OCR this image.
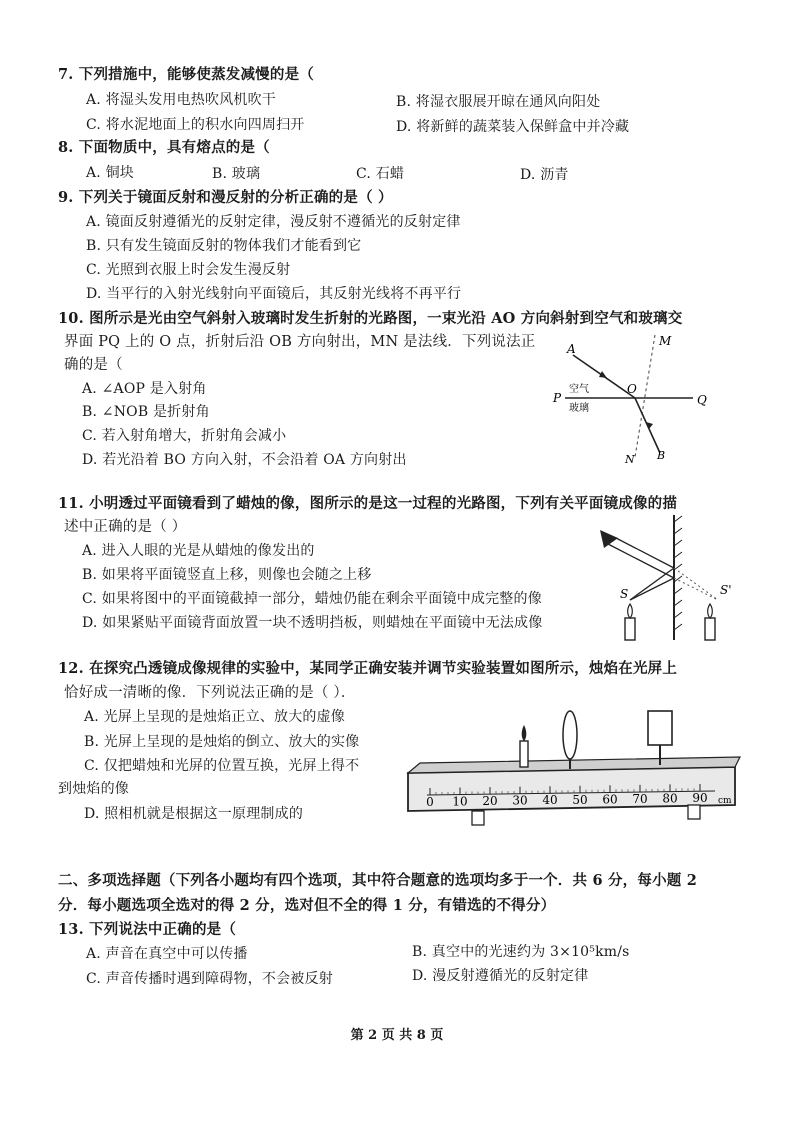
7. 下列措施中，能够使蒸发减慢的是（
A. 将湿头发用电热吹风机吹干	B. 将湿衣服展开晾在通风向阳处
C. 将水泥地面上的积水向四周扫开	D. 将新鲜的蔬菜装入保鲜盒中并冷藏
8. 下面物质中，具有熔点的是（
A. 铜块	B. 玻璃	C. 石蜡	D. 沥青
9. 下列关于镜面反射和漫反射的分析正确的是（ ）
A. 镜面反射遵循光的反射定律，漫反射不遵循光的反射定律
B. 只有发生镜面反射的物体我们才能看到它
C. 光照到衣服上时会发生漫反射
D. 当平行的入射光线射向平面镜后，其反射光线将不再平行
10. 图所示是光由空气斜射入玻璃时发生折射的光路图，一束光沿 AO 方向斜射到空气和玻璃交
界面 PQ 上的 O 点，折射后沿 OB 方向射出，MN 是法线．下列说法正
确的是（
A. ∠AOP 是入射角
B. ∠NOB 是折射角
C. 若入射角增大，折射角会减小
D. 若光沿着 BO 方向入射，不会沿着 OA 方向射出
A
M
P	Q
O
N B
空气
玻璃
11. 小明透过平面镜看到了蜡烛的像，图所示的是这一过程的光路图，下列有关平面镜成像的描
述中正确的是（ ）
A. 进入人眼的光是从蜡烛的像发出的
B. 如果将平面镜竖直上移，则像也会随之上移
C. 如果将图中的平面镜截掉一部分，蜡烛仍能在剩余平面镜中成完整的像
D. 如果紧贴平面镜背面放置一块不透明挡板，则蜡烛在平面镜中无法成像
S	S'
12. 在探究凸透镜成像规律的实验中，某同学正确安装并调节实验装置如图所示，烛焰在光屏上
恰好成一清晰的像．下列说法正确的是（ ）．
A. 光屏上呈现的是烛焰正立、放大的虚像
B. 光屏上呈现的是烛焰的倒立、放大的实像
C. 仅把蜡烛和光屏的位置互换，光屏上得不
到烛焰的像
D. 照相机就是根据这一原理制成的
0 10 20 30 40 50 60 70 80 90 cm
二、多项选择题（下列各小题均有四个选项，其中符合题意的选项均多于一个．共 6 分，每小题 2
分．每小题选项全选对的得 2 分，选对但不全的得 1 分，有错选的不得分）
13. 下列说法中正确的是（
A. 声音在真空中可以传播	B. 真空中的光速约为 3×10⁵km/s
C. 声音传播时遇到障碍物，不会被反射	D. 漫反射遵循光的反射定律
第 2 页 共 8 页
